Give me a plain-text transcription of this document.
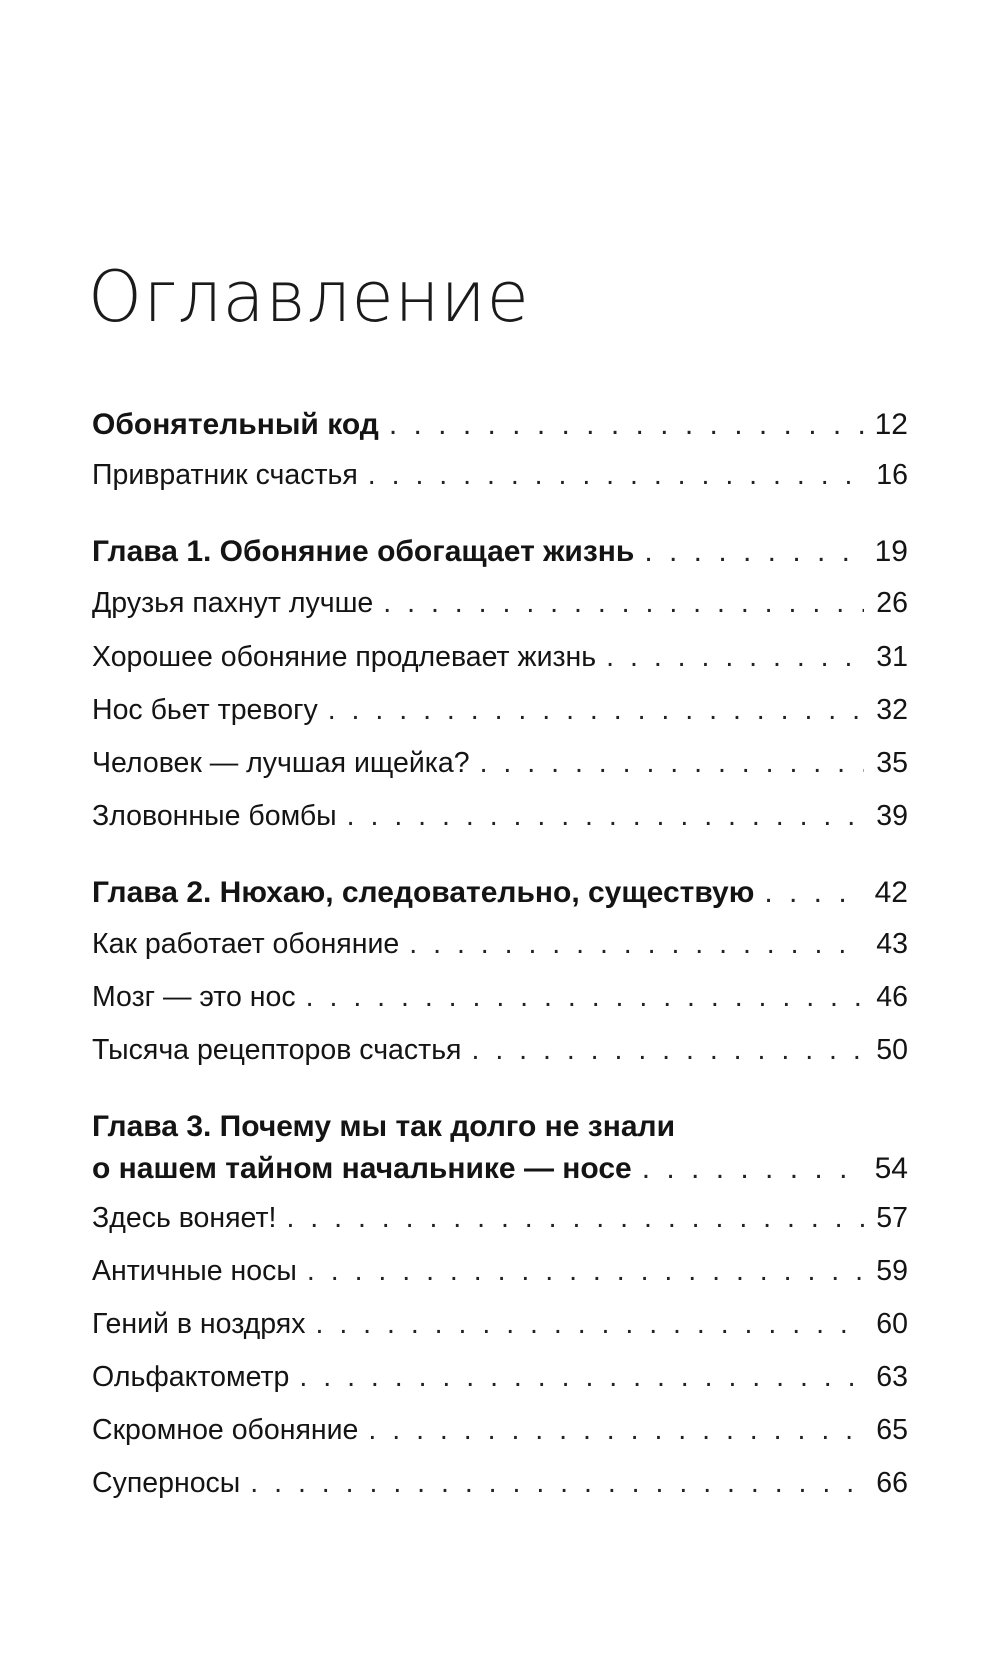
Оглавление
Обонятельный код . . .	12
Привратник счастья . . .	16
Глава 1. Обоняние обогащает жизнь . . .	19
Друзья пахнут лучше . . .	26
Хорошее обоняние продлевает жизнь . . .	31
Нос бьет тревогу . . .	32
Человек — лучшая ищейка? . . .	35
Зловонные бомбы . . .	39
Глава 2. Нюхаю, следовательно, существую . . .	42
Как работает обоняние . . .	43
Мозг — это нос . . .	46
Тысяча рецепторов счастья . . .	50
Глава 3. Почему мы так долго не знали
о нашем тайном начальнике — носе . . .	54
Здесь воняет! . . .	57
Античные носы . . .	59
Гений в ноздрях . . .	60
Ольфактометр . . .	63
Скромное обоняние . . .	65
Суперносы . . .	66
